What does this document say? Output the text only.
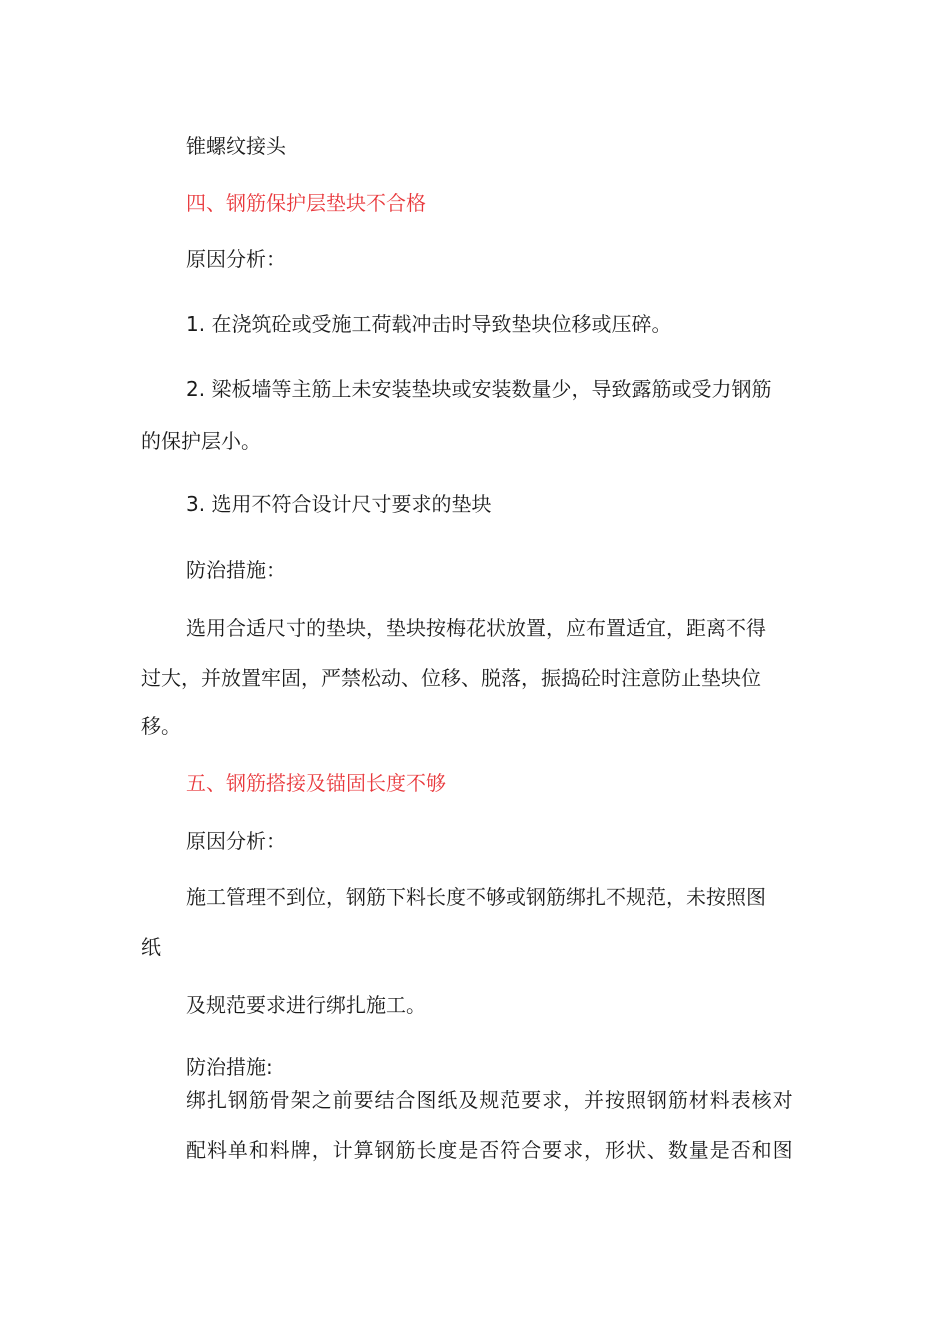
锥螺纹接头

四、钢筋保护层垫块不合格

原因分析：

1. 在浇筑砼或受施工荷载冲击时导致垫块位移或压碎。

2. 梁板墙等主筋上未安装垫块或安装数量少，导致露筋或受力钢筋

的保护层小。

3. 选用不符合设计尺寸要求的垫块

防治措施：

选用合适尺寸的垫块，垫块按梅花状放置，应布置适宜，距离不得

过大，并放置牢固，严禁松动、位移、脱落，振捣砼时注意防止垫块位

移。

五、钢筋搭接及锚固长度不够

原因分析：

施工管理不到位，钢筋下料长度不够或钢筋绑扎不规范，未按照图

纸

及规范要求进行绑扎施工。

防治措施:

绑扎钢筋骨架之前要结合图纸及规范要求，并按照钢筋材料表核对

配料单和料牌，计算钢筋长度是否符合要求，形状、数量是否和图
